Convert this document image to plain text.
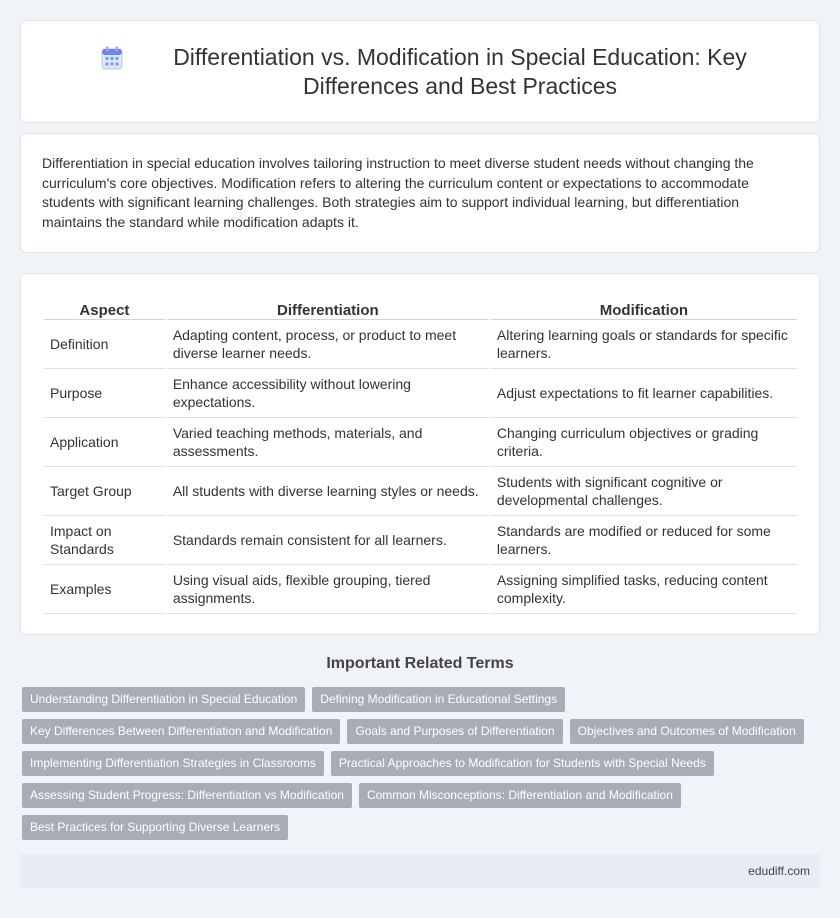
Differentiation vs. Modification in Special Education: Key Differences and Best Practices

Differentiation in special education involves tailoring instruction to meet diverse student needs without changing the curriculum's core objectives. Modification refers to altering the curriculum content or expectations to accommodate students with significant learning challenges. Both strategies aim to support individual learning, but differentiation maintains the standard while modification adapts it.

Aspect	Differentiation	Modification
Definition	Adapting content, process, or product to meet diverse learner needs.	Altering learning goals or standards for specific learners.
Purpose	Enhance accessibility without lowering expectations.	Adjust expectations to fit learner capabilities.
Application	Varied teaching methods, materials, and assessments.	Changing curriculum objectives or grading criteria.
Target Group	All students with diverse learning styles or needs.	Students with significant cognitive or developmental challenges.
Impact on Standards	Standards remain consistent for all learners.	Standards are modified or reduced for some learners.
Examples	Using visual aids, flexible grouping, tiered assignments.	Assigning simplified tasks, reducing content complexity.
Important Related Terms
Understanding Differentiation in Special Education	Defining Modification in Educational Settings
Key Differences Between Differentiation and Modification	Goals and Purposes of Differentiation	Objectives and Outcomes of Modification
Implementing Differentiation Strategies in Classrooms	Practical Approaches to Modification for Students with Special Needs
Assessing Student Progress: Differentiation vs Modification	Common Misconceptions: Differentiation and Modification
Best Practices for Supporting Diverse Learners
edudiff.com
